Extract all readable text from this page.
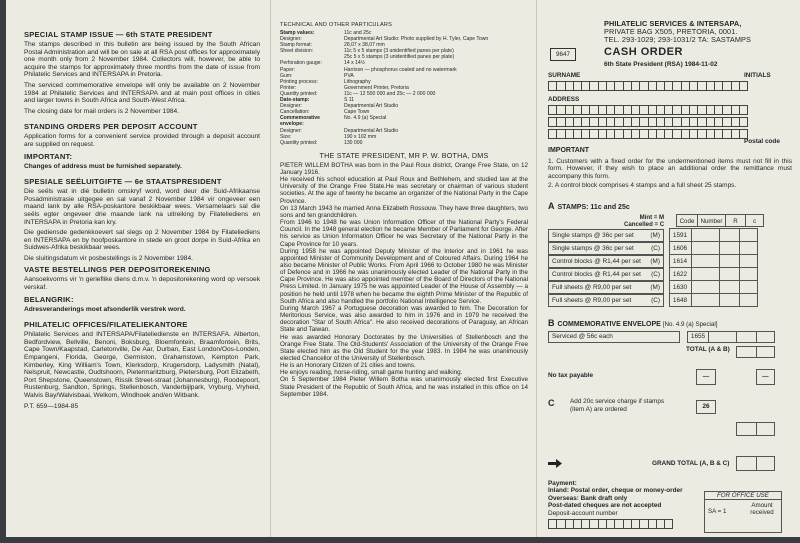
SPECIAL STAMP ISSUE — 6th STATE PRESIDENT

The stamps described in this bulletin are being issued by the South African Postal Administration and will be on sale at all RSA post offices for approximately one month only from 2 November 1984. Collectors will, however, be able to acquire the stamps for approximately three months from the date of issue from Philatelic Services and INTERSAPA in Pretoria.

The serviced commemorative envelope will only be available on 2 November 1984 at Philatelic Services and INTERSAPA and at main post offices in cities and larger towns in South Africa and South-West Africa.

The closing date for mail orders is 2 November 1984.

STANDING ORDERS PER DEPOSIT ACCOUNT

Application forms for a convenient service provided through a deposit account are supplied on request.

IMPORTANT:

Changes of address must be furnished separately.

SPESIALE SEËLUITGIFTE — 6e STAATSPRESIDENT

Die seëls wat in dié bulletin omskryf word, word deur die Suid-Afrikaanse Posadministrasie uitgegee en sal vanaf 2 November 1984 vir ongeveer een maand lank by alle RSA-poskantore beskikbaar wees. Versamelaars sal die seëls egter ongeveer drie maande lank na uitreiking by Filateliediens en INTERSAPA in Pretoria kan kry.

Die gediensde gedenkkoevert sal slegs op 2 November 1984 by Filateliediens en INTERSAPA en by hoofposkantore in stede en groot dorpe in Suid-Afrika en Suidwes-Afrika beskikbaar wees.

Die sluitingsdatum vir posbestellings is 2 November 1984.

VASTE BESTELLINGS PER DEPOSITOREKENING

Aansoekvorms vir 'n gerieflike diens d.m.v. 'n depositorekening word op versoek verskaf.

BELANGRIK:

Adresveranderings moet afsonderlik verstrek word.

PHILATELIC OFFICES/FILATELIEKANTORE

Philatelic Services and INTERSAPA/Filateliedienste en INTERSAFA. Alberton, Bedfordview, Bellville, Benoni, Boksburg, Bloemfontein, Braamfontein, Brits, Cape Town/Kaapstad, Carletonville, De Aar, Durban, East London/Oos-Londen, Empangeni, Florida, George, Germiston, Grahamstown, Kempton Park, Kimberley, King William's Town, Klerksdorp, Krugersdorp, Ladysmith (Natal), Nelspruit, Newcastle, Oudtshoorn, Pietermaritzburg, Pietersburg, Port Elizabeth, Port Shepstone, Queenstown, Rissik Street-straat (Johannesburg), Roodepoort, Rustenburg, Sandton, Springs, Stellenbosch, Vanderbijlpark, Vryburg, Vryheid, Walvis Bay/Walvisbaai, Welkom, Windhoek and/en Witbank.

P.T. 659—1984-85

TECHNICAL AND OTHER PARTICULARS
Stamp values:	11c and 25c
Designer:	Departmental Art Studio: Photo supplied by H. Tyler, Cape Town
Stamp format:	28,07 x 38,07 mm
Sheet division:	11c 5 x 5 stamps (3 unidentified panes per plate)
25c 5 x 5 stamps (3 unidentified panes per plate)
Perforation gauge:	14 x 14½
Paper:	Harrison — phosphorus coated and no watermark
Gum:	PVA
Printing process:	Lithography
Printer:	Government Printer, Pretoria
Quantity printed:	11c — 12 500 000 and 25c — 2 000 000
Date-stamp:	S 11
Designer:	Departmental Art Studio
Cancellation:	Cape Town
Commemorative envelope:
No. 4.9 (a) Special
Designer:	Departmental Art Studio
Size:	190 x 102 mm
Quantity printed:	130 000
THE STATE PRESIDENT, MR P. W. BOTHA, DMS

PIETER WILLEM BOTHA was born in the Paul Roux district, Orange Free State, on 12 January 1916.

He received his school education at Paul Roux and Bethlehem, and studied law at the University of the Orange Free State.He was secretary or chairman of various student societies. At the age of twenty he became an organizer of the National Party in the Cape Province.

On 13 March 1943 he married Anna Elizabeth Rossouw. They have three daughters, two sons and ten grandchildren.

From 1946 to 1948 he was Union Information Officer of the National Party's Federal Council. In the 1948 general election he became Member of Parliament for George. After his service as Union Information Officer he was Secretary of the National Party in the Cape Province for 10 years.

During 1958 he was appointed Deputy Minister of the Interior and in 1961 he was appointed Minister of Community Development and of Coloured Affairs. During 1964 he also became Minister of Public Works. From April 1966 to October 1980 he was Minister of Defence and in 1966 he was unanimously elected Leader of the National Party in the Cape Province. He was also appointed member of the Board of Directors of the National Press Limited. In January 1975 he was appointed Leader of the House of Assembly — a position he held until 1978 when he became the eighth Prime Minister of the Republic of South Africa and also handled the portfolio National Intelligence Service.

During March 1967 a Portuguese decoration was awarded to him. The Decoration for Meritorious Service, was also awarded to him in 1976 and in 1979 he received the decoration "Star of South Africa". He also received decorations of Paraguay, an African State and Taiwan.

He was awarded Honorary Doctorates by the Universities of Stellenbosch and the Orange Free State. The Old-Students' Association of the University of the Orange Free State elected him as the Old Student for the year 1983. In 1984 he was unanimously elected Chancellor of the University of Stellenbosch.

He is an Honorary Citizen of 21 cities and towns.

He enjoys reading, horse-riding, small game hunting and walking.

On 5 September 1984 Pieter Willem Botha was unanimously elected first Executive State President of the Republic of South Africa, and he was installed in this office on 14 September 1984.

PHILATELIC SERVICES & INTERSAPA,
PRIVATE BAG X505, PRETORIA, 0001.
TEL. 293-1029; 293-1031/2 TA: SASTAMPS
9647	CASH ORDER
6th State President (RSA) 1984-11-02
SURNAME	INITIALS
ADDRESS
Postal code
IMPORTANT

1. Customers with a fixed order for the undermentioned items must not fill in this form. However, if they wish to place an additional order the remittance must accompany this form.

2. A control block comprises 4 stamps and a full sheet 25 stamps.

A STAMPS: 11c and 25c
Mint = M
Cancelled = C	Code Number	R	c
Single stamps @ 36c per set (M)		1591			

Single stamps @ 36c per set (C)		1606			

Control blocks @ R1,44 per set (M)		1614			

Control blocks @ R1,44 per set (C)		1622			

Full sheets @ R9,00 per set (M)		1630			

Full sheets @ R9,00 per set (C)		1648			
B COMMEMORATIVE ENVELOPE [No. 4.9 (a) Special]
Serviced @ 56c each	1655
TOTAL (A & B)
No tax payable	—	—
C	Add 20c service charge if stamps (item A) are ordered	26
GRAND TOTAL (A, B & C)
Payment:
Inland: Postal order, cheque or money-order
Overseas: Bank draft only
Post-dated cheques are not accepted
FOR OFFICE USE
SA = 1
Amount received
Deposit-account number
